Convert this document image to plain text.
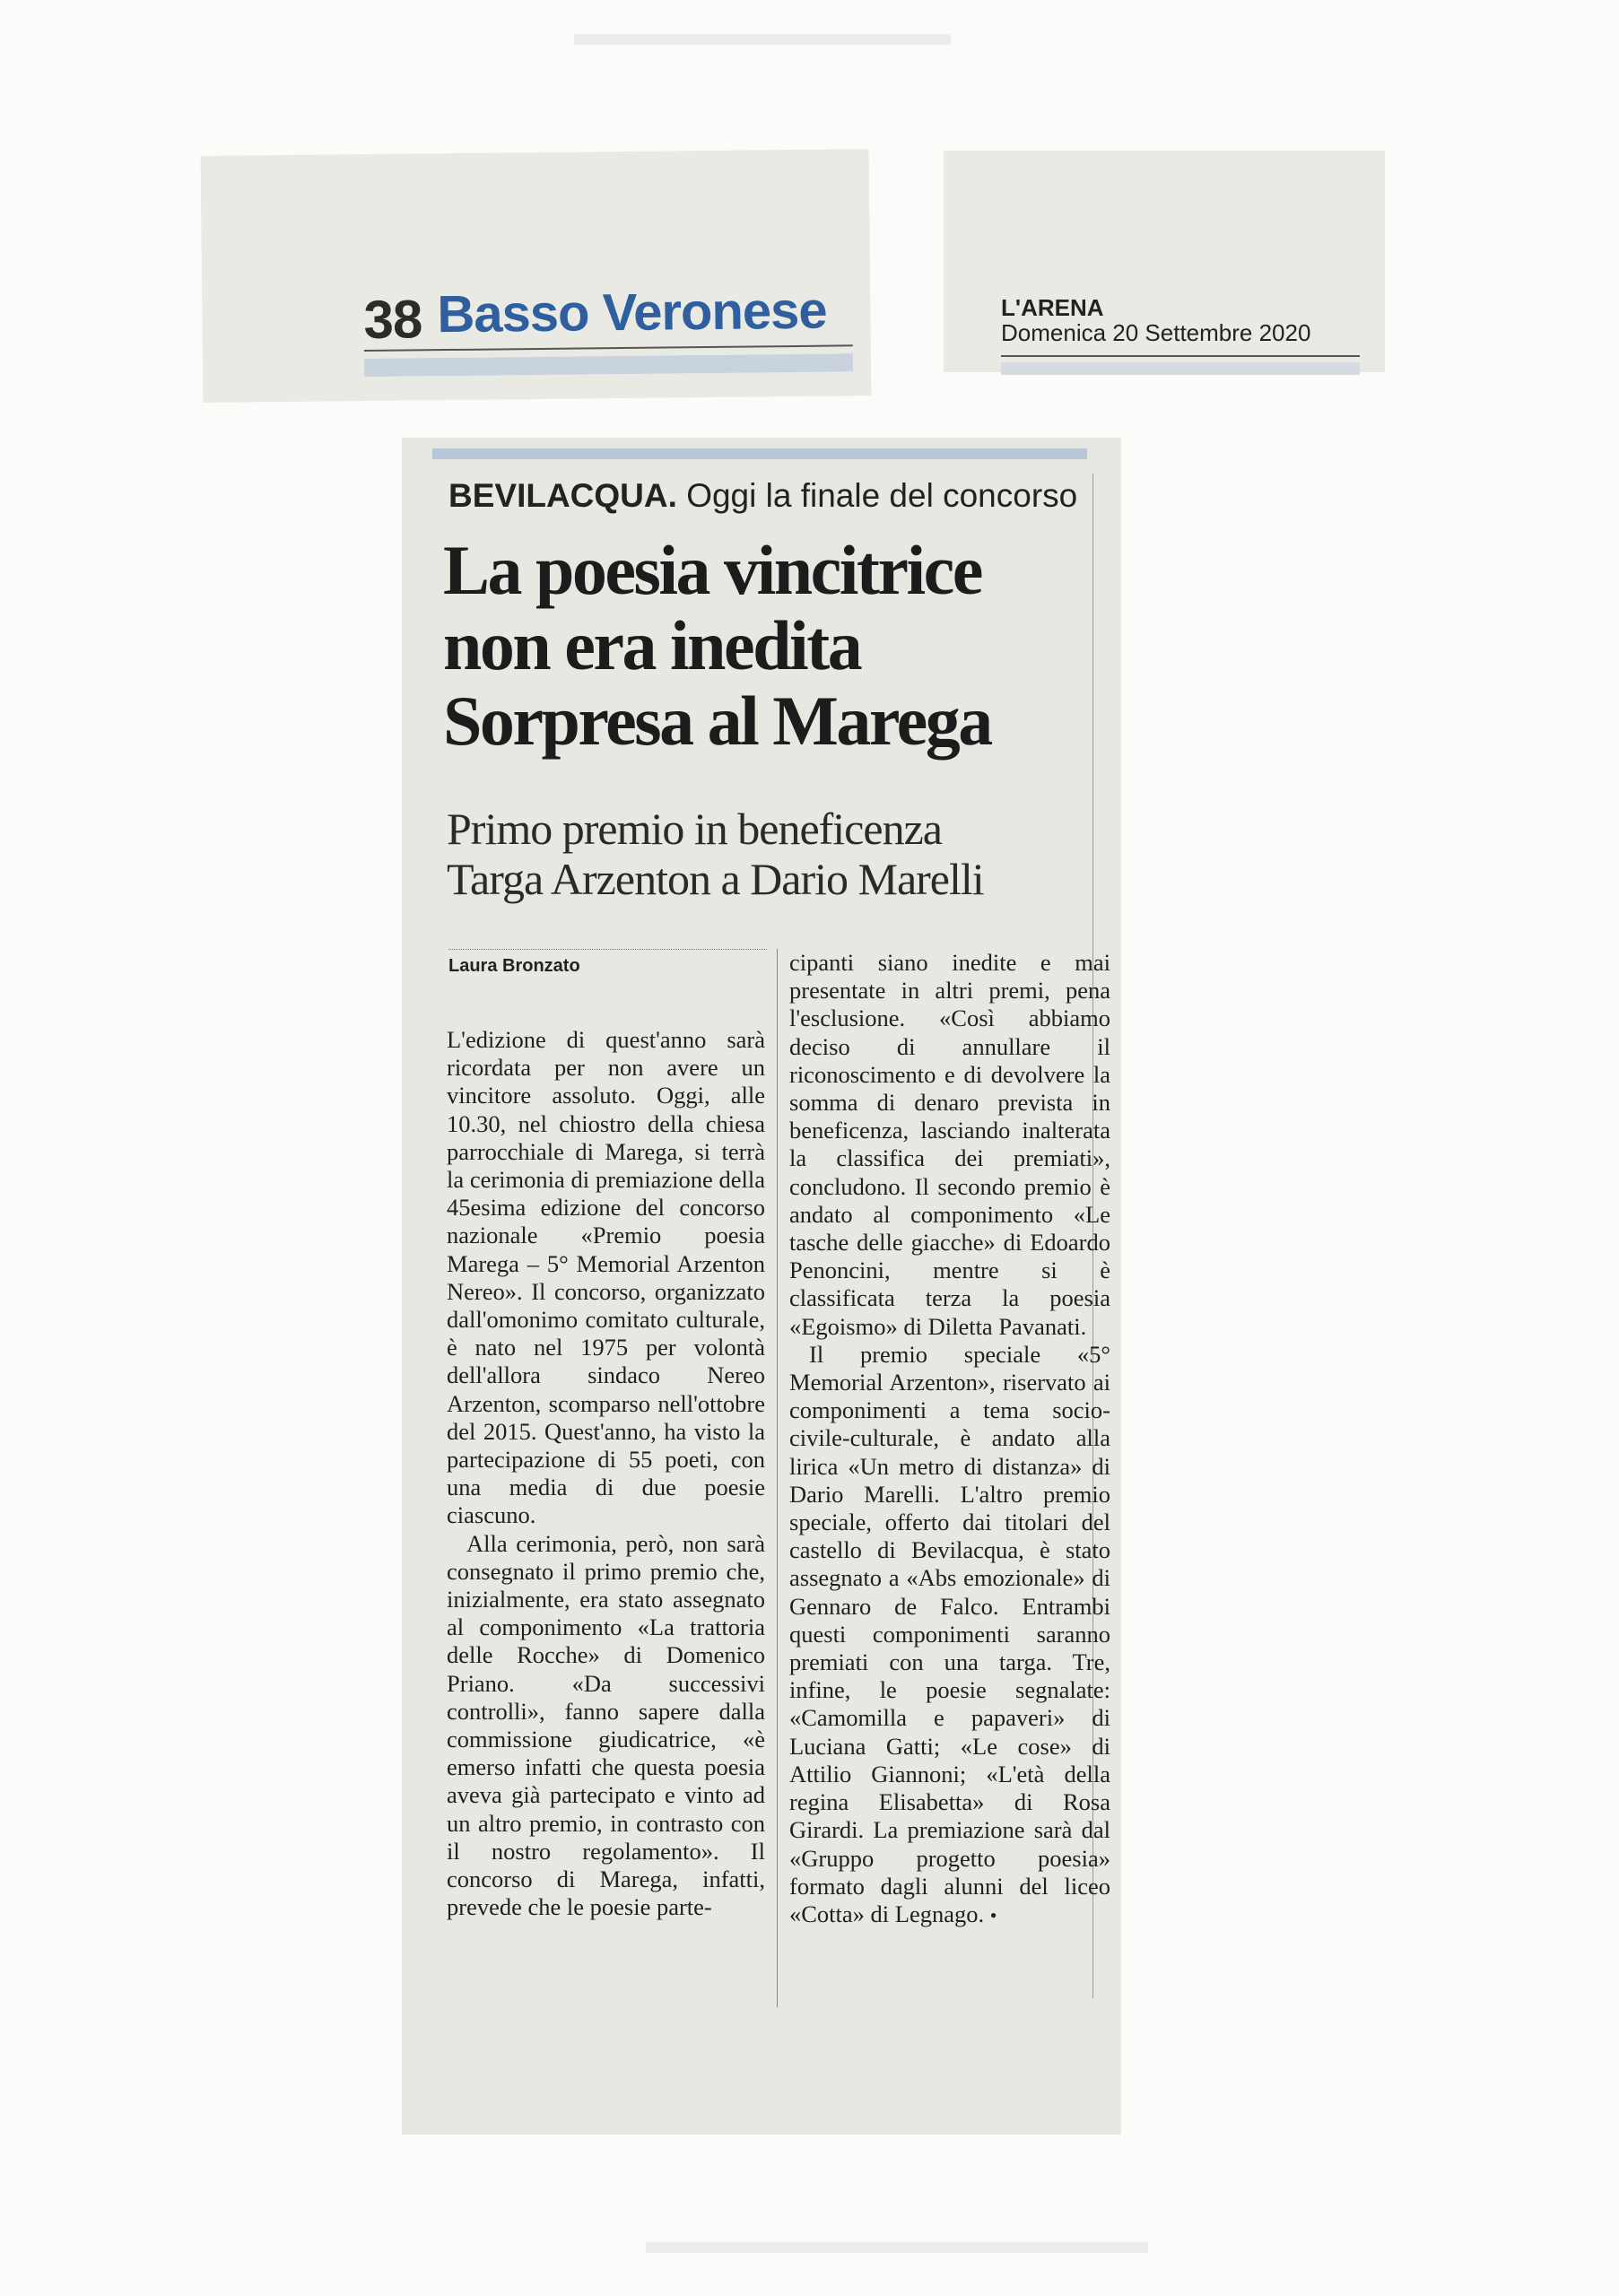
38 Basso Veronese	L'ARENA
Domenica 20 Settembre 2020
BEVILACQUA. Oggi la finale del concorso
La poesia vincitrice
non era inedita
Sorpresa al Marega
Primo premio in beneficenza
Targa Arzenton a Dario Marelli
Laura Bronzato

L'edizione di quest'anno sarà ricordata per non avere un vincitore assoluto. Oggi, alle 10.30, nel chiostro della chiesa parrocchiale di Marega, si terrà la cerimonia di premiazione della 45esima edizione del concorso nazionale «Premio poesia Marega – 5° Memorial Arzenton Nereo». Il concorso, organizzato dall'omonimo comitato culturale, è nato nel 1975 per volontà dell'allora sindaco Nereo Arzenton, scomparso nell'ottobre del 2015. Quest'anno, ha visto la partecipazione di 55 poeti, con una media di due poesie ciascuno.

Alla cerimonia, però, non sarà consegnato il primo premio che, inizialmente, era stato assegnato al componimento «La trattoria delle Rocche» di Domenico Priano. «Da successivi controlli», fanno sapere dalla commissione giudicatrice, «è emerso infatti che questa poesia aveva già partecipato e vinto ad un altro premio, in contrasto con il nostro regolamento». Il concorso di Marega, infatti, prevede che le poesie parte-

cipanti siano inedite e mai presentate in altri premi, pena l'esclusione. «Così abbiamo deciso di annullare il riconoscimento e di devolvere la somma di denaro prevista in beneficenza, lasciando inalterata la classifica dei premiati», concludono. Il secondo premio è andato al componimento «Le tasche delle giacche» di Edoardo Penoncini, mentre si è classificata terza la poesia «Egoismo» di Diletta Pavanati.

Il premio speciale «5° Memorial Arzenton», riservato ai componimenti a tema socio-civile-culturale, è andato alla lirica «Un metro di distanza» di Dario Marelli. L'altro premio speciale, offerto dai titolari del castello di Bevilacqua, è stato assegnato a «Abs emozionale» di Gennaro de Falco. Entrambi questi componimenti saranno premiati con una targa. Tre, infine, le poesie segnalate: «Camomilla e papaveri» di Luciana Gatti; «Le cose» di Attilio Giannoni; «L'età della regina Elisabetta» di Rosa Girardi. La premiazione sarà dal «Gruppo progetto poesia» formato dagli alunni del liceo «Cotta» di Legnago. •
